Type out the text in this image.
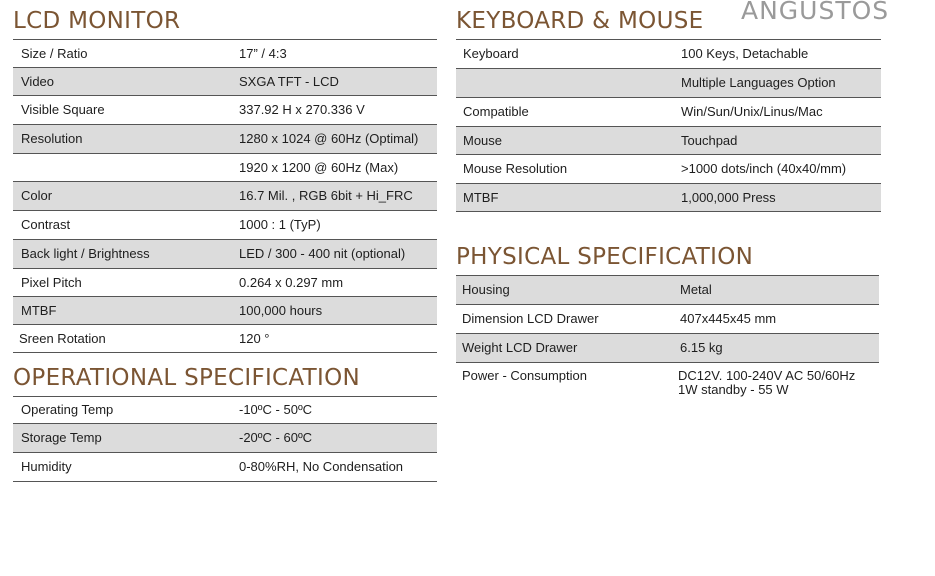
ANGUSTOS
LCD MONITOR
Size / Ratio	17” / 4:3
Video	SXGA TFT - LCD
Visible Square	337.92 H x 270.336 V
Resolution	1280 x 1024 @ 60Hz (Optimal)
	1920 x 1200 @ 60Hz (Max)
Color	16.7 Mil. , RGB 6bit + Hi_FRC
Contrast	1000 : 1 (TyP)
Back light / Brightness	LED / 300 - 400 nit (optional)
Pixel Pitch	0.264 x 0.297 mm
MTBF	100,000 hours
Sreen Rotation	120 °
OPERATIONAL SPECIFICATION
Operating Temp	-10ºC - 50ºC
Storage Temp	-20ºC - 60ºC
Humidity	0-80%RH, No Condensation
KEYBOARD & MOUSE
Keyboard	100 Keys, Detachable
	Multiple Languages Option
Compatible	Win/Sun/Unix/Linus/Mac
Mouse	Touchpad
Mouse Resolution	>1000 dots/inch (40x40/mm)
MTBF	1,000,000 Press
PHYSICAL SPECIFICATION
Housing	Metal
Dimension LCD Drawer	407x445x45 mm
Weight LCD Drawer	6.15 kg
Power - Consumption	DC12V. 100-240V AC 50/60Hz
1W standby - 55 W
